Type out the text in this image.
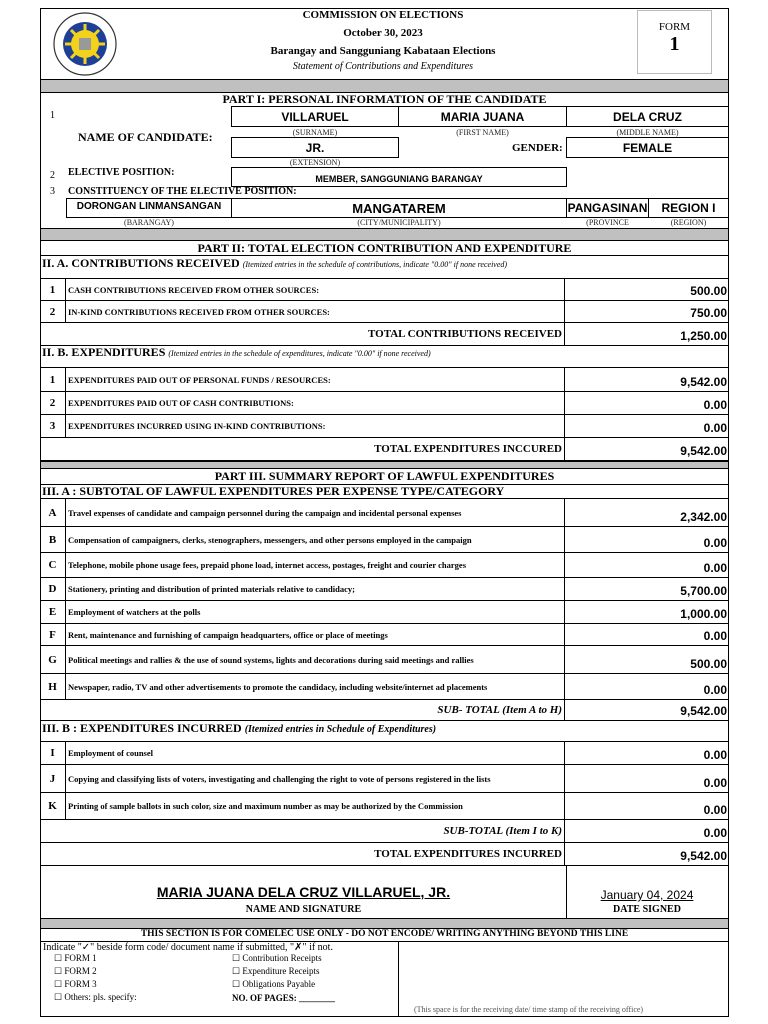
COMMISSION ON ELECTIONS
October 30, 2023
Barangay and Sangguniang Kabataan Elections
Statement of Contributions and Expenditures
FORM
1
PART I: PERSONAL INFORMATION OF THE CANDIDATE
1	VILLARUEL	MARIA JUANA	DELA CRUZ
(SURNAME)	(FIRST NAME)	(MIDDLE NAME)
NAME OF CANDIDATE:
JR.
(EXTENSION)
GENDER:	FEMALE
2 ELECTIVE POSITION:
MEMBER, SANGGUNIANG BARANGAY
3 CONSTITUENCY OF THE ELECTIVE POSITION:
DORONGAN LINMANSANGAN	MANGATAREM	PANGASINAN	REGION I
(BARANGAY)	(CITY/MUNICIPALITY)	(PROVINCE	(REGION)
PART II: TOTAL ELECTION CONTRIBUTION AND EXPENDITURE
II. A. CONTRIBUTIONS RECEIVED (Itemized entries in the schedule of contributions, indicate "0.00" if none received)
1	CASH CONTRIBUTIONS RECEIVED FROM OTHER SOURCES:	500.00
2	IN-KIND CONTRIBUTIONS RECEIVED FROM OTHER SOURCES:	750.00
TOTAL CONTRIBUTIONS RECEIVED	1,250.00
II. B. EXPENDITURES (Itemized entries in the schedule of expenditures, indicate "0.00" if none received)
1	EXPENDITURES PAID OUT OF PERSONAL FUNDS / RESOURCES:	9,542.00
2	EXPENDITURES PAID OUT OF CASH CONTRIBUTIONS:	0.00
3	EXPENDITURES INCURRED USING IN-KIND CONTRIBUTIONS:	0.00
TOTAL EXPENDITURES INCCURED	9,542.00
PART III. SUMMARY REPORT OF LAWFUL EXPENDITURES
III. A : SUBTOTAL OF LAWFUL EXPENDITURES PER EXPENSE TYPE/CATEGORY
A	Travel expenses of candidate and campaign personnel during the campaign and incidental personal expenses	2,342.00
B	Compensation of campaigners, clerks, stenographers, messengers, and other persons employed in the campaign	0.00
C	Telephone, mobile phone usage fees, prepaid phone load, internet access, postages, freight and courier charges	0.00
D	Stationery, printing and distribution of printed materials relative to candidacy;	5,700.00
E	Employment of watchers at the polls	1,000.00
F	Rent, maintenance and furnishing of campaign headquarters, office or place of meetings	0.00
G	Political meetings and rallies & the use of sound systems, lights and decorations during said meetings and rallies	500.00
H	Newspaper, radio, TV and other advertisements to promote the candidacy, including website/internet ad placements	0.00
SUB- TOTAL (Item A to H)	9,542.00
III. B : EXPENDITURES INCURRED (Itemized entries in Schedule of Expenditures)
I	Employment of counsel	0.00
J	Copying and classifying lists of voters, investigating and challenging the right to vote of persons registered in the lists	0.00
K	Printing of sample ballots in such color, size and maximum number as may be authorized by the Commission	0.00
SUB-TOTAL (Item I to K)	0.00
TOTAL EXPENDITURES INCURRED	9,542.00
MARIA JUANA DELA CRUZ VILLARUEL, JR.
NAME AND SIGNATURE
January 04, 2024
DATE SIGNED
THIS SECTION IS FOR COMELEC USE ONLY - DO NOT ENCODE/ WRITING ANYTHING BEYOND THIS LINE
Indicate "✓" beside form code/ document name if submitted, "✗" if not.
☐ FORM 1
☐ FORM 2
☐ FORM 3
☐ Others: pls. specify:
☐ Contribution Receipts
☐ Expenditure Receipts
☐ Obligations Payable
NO. OF PAGES: ________
(This space is for the receiving date/ time stamp of the receiving office)
